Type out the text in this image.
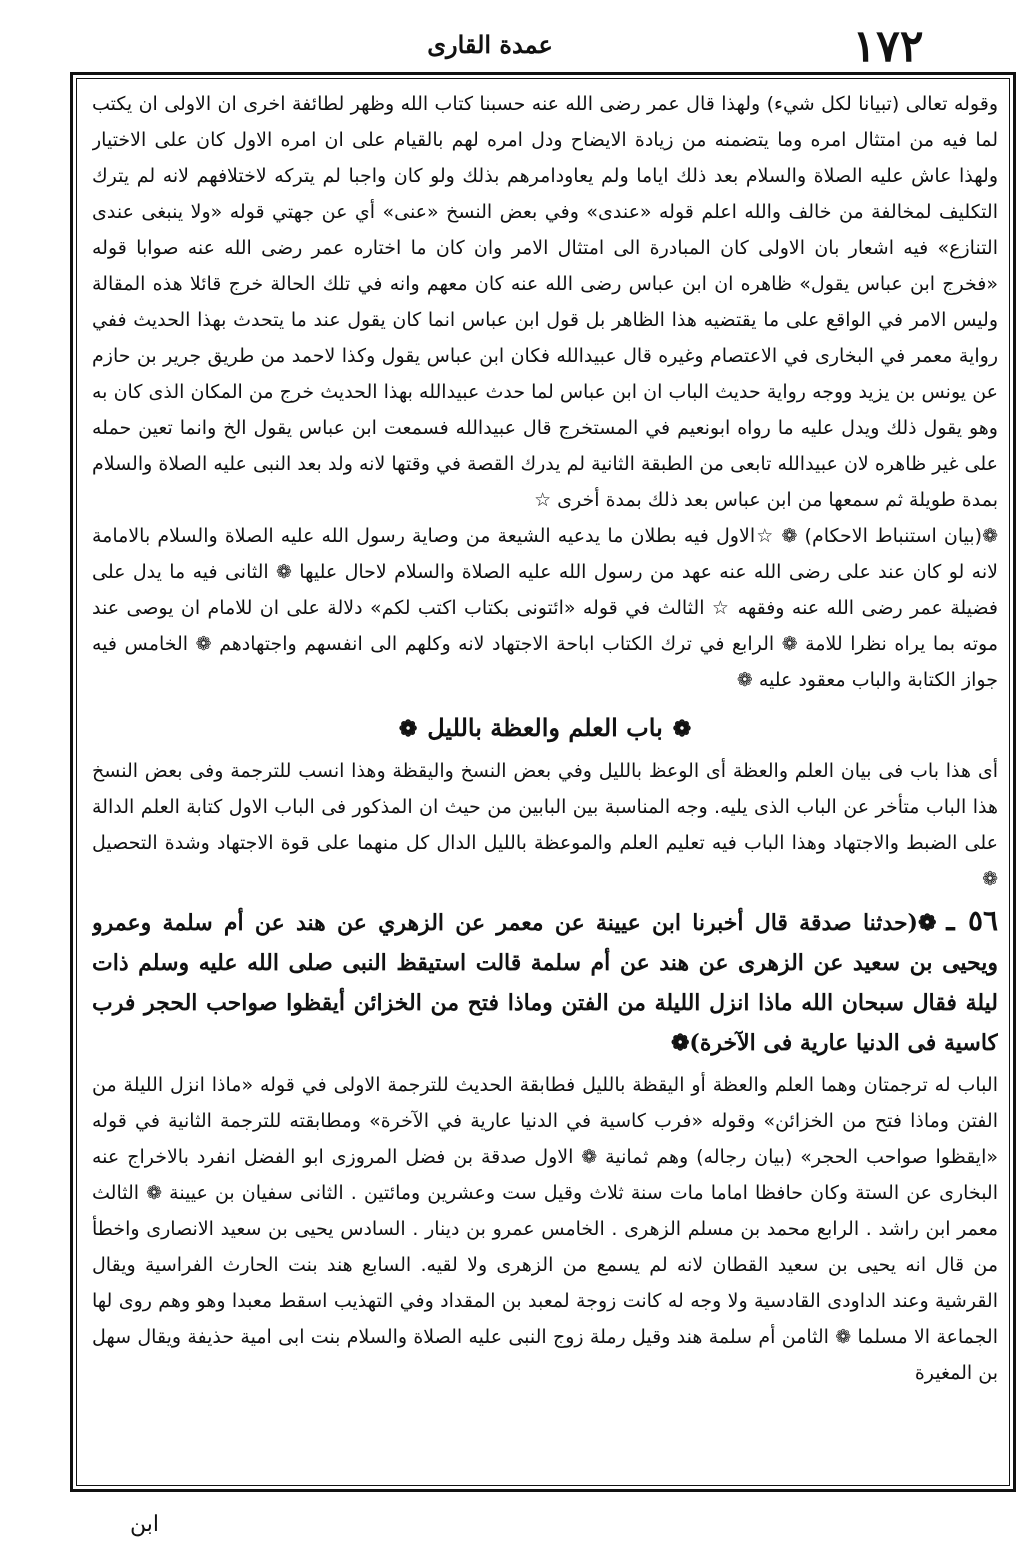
١٧٢
عمدة القارى

وقوله تعالى (تبيانا لكل شيء) ولهذا قال عمر رضى الله عنه حسبنا كتاب الله وظهر لطائفة اخرى ان الاولى ان يكتب لما فيه من امتثال امره وما يتضمنه من زيادة الايضاح ودل امره لهم بالقيام على ان امره الاول كان على الاختيار ولهذا عاش عليه الصلاة والسلام بعد ذلك اياما ولم يعاودامرهم بذلك ولو كان واجبا لم يتركه لاختلافهم لانه لم يترك التكليف لمخالفة من خالف والله اعلم قوله «عندى» وفي بعض النسخ «عنى» أي عن جهتي قوله «ولا ينبغى عندى التنازع» فيه اشعار بان الاولى كان المبادرة الى امتثال الامر وان كان ما اختاره عمر رضى الله عنه صوابا قوله «فخرج ابن عباس يقول» ظاهره ان ابن عباس رضى الله عنه كان معهم وانه في تلك الحالة خرج قائلا هذه المقالة وليس الامر في الواقع على ما يقتضيه هذا الظاهر بل قول ابن عباس انما كان يقول عند ما يتحدث بهذا الحديث ففي رواية معمر في البخارى في الاعتصام وغيره قال عبيدالله فكان ابن عباس يقول وكذا لاحمد من طريق جرير بن حازم عن يونس بن يزيد ووجه رواية حديث الباب ان ابن عباس لما حدث عبيدالله بهذا الحديث خرج من المكان الذى كان به وهو يقول ذلك ويدل عليه ما رواه ابونعيم في المستخرج قال عبيدالله فسمعت ابن عباس يقول الخ وانما تعين حمله على غير ظاهره لان عبيدالله تابعى من الطبقة الثانية لم يدرك القصة في وقتها لانه ولد بعد النبى عليه الصلاة والسلام بمدة طويلة ثم سمعها من ابن عباس بعد ذلك بمدة أخرى ☆

❁(بيان استنباط الاحكام) ❁ ☆الاول فيه بطلان ما يدعيه الشيعة من وصاية رسول الله عليه الصلاة والسلام بالامامة لانه لو كان عند على رضى الله عنه عهد من رسول الله عليه الصلاة والسلام لاحال عليها ❁ الثانى فيه ما يدل على فضيلة عمر رضى الله عنه وفقهه ☆ الثالث في قوله «ائتونى بكتاب اكتب لكم» دلالة على ان للامام ان يوصى عند موته بما يراه نظرا للامة ❁ الرابع في ترك الكتاب اباحة الاجتهاد لانه وكلهم الى انفسهم واجتهادهم ❁ الخامس فيه جواز الكتابة والباب معقود عليه ❁

❁باب العلم والعظة بالليل❁

أى هذا باب فى بيان العلم والعظة أى الوعظ بالليل وفي بعض النسخ واليقظة وهذا انسب للترجمة وفى بعض النسخ هذا الباب متأخر عن الباب الذى يليه. وجه المناسبة بين البابين من حيث ان المذكور فى الباب الاول كتابة العلم الدالة على الضبط والاجتهاد وهذا الباب فيه تعليم العلم والموعظة بالليل الدال كل منهما على قوة الاجتهاد وشدة التحصيل ❁

٥٦ ـ❁(حدثنا صدقة قال أخبرنا ابن عيينة عن معمر عن الزهري عن هند عن أم سلمة وعمرو ويحيى بن سعيد عن الزهرى عن هند عن أم سلمة قالت استيقظ النبى صلى الله عليه وسلم ذات ليلة فقال سبحان الله ماذا انزل الليلة من الفتن وماذا فتح من الخزائن أيقظوا صواحب الحجر فرب كاسية فى الدنيا عارية فى الآخرة)❁

الباب له ترجمتان وهما العلم والعظة أو اليقظة بالليل فطابقة الحديث للترجمة الاولى في قوله «ماذا انزل الليلة من الفتن وماذا فتح من الخزائن» وقوله «فرب كاسية في الدنيا عارية في الآخرة» ومطابقته للترجمة الثانية في قوله «ايقظوا صواحب الحجر» (بيان رجاله) وهم ثمانية ❁ الاول صدقة بن فضل المروزى ابو الفضل انفرد بالاخراج عنه البخارى عن الستة وكان حافظا اماما مات سنة ثلاث وقيل ست وعشرين ومائتين . الثانى سفيان بن عيينة ❁ الثالث معمر ابن راشد . الرابع محمد بن مسلم الزهرى . الخامس عمرو بن دينار . السادس يحيى بن سعيد الانصارى واخطأ من قال انه يحيى بن سعيد القطان لانه لم يسمع من الزهرى ولا لقيه. السابع هند بنت الحارث الفراسية ويقال القرشية وعند الداودى القادسية ولا وجه له كانت زوجة لمعبد بن المقداد وفي التهذيب اسقط معبدا وهو وهم روى لها الجماعة الا مسلما ❁ الثامن أم سلمة هند وقيل رملة زوج النبى عليه الصلاة والسلام بنت ابى امية حذيفة ويقال سهل بن المغيرة

ابن
